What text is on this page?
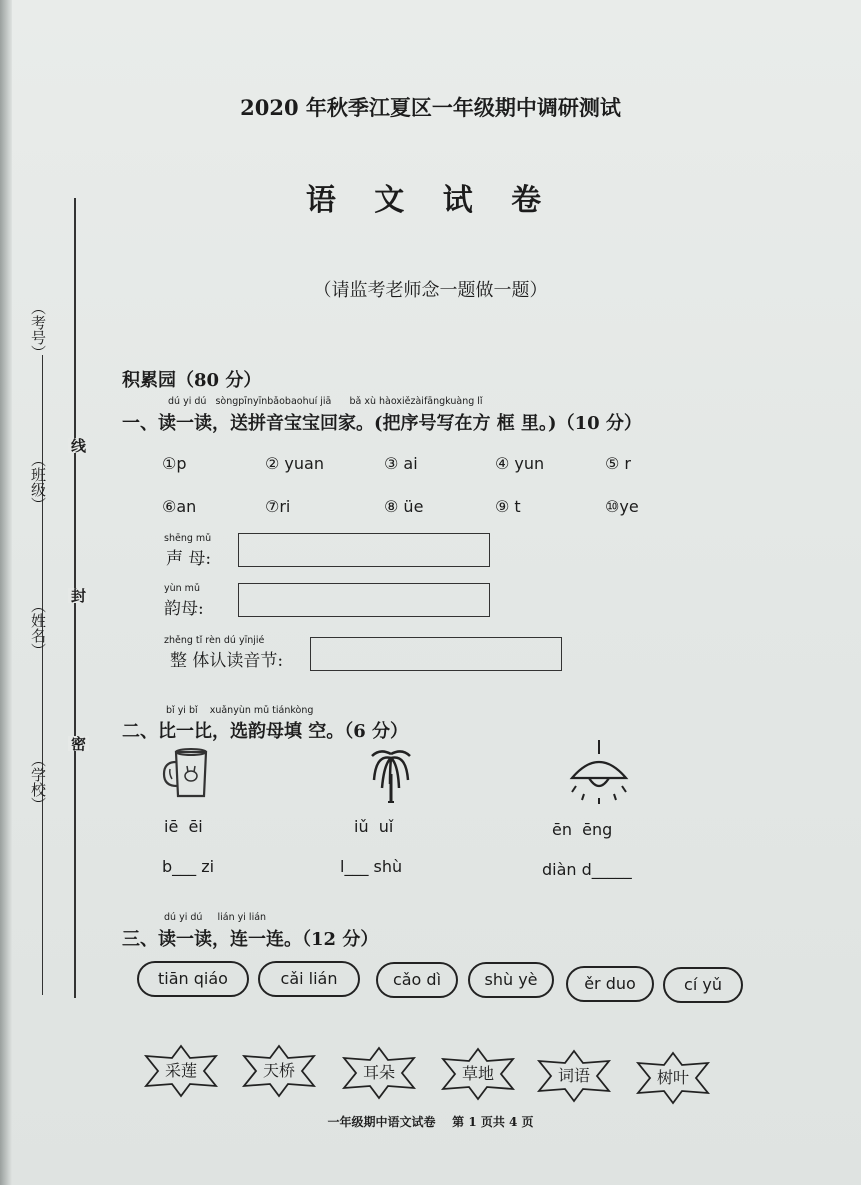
（考号）
（班级）
（姓名）
（学校）
线
封
密
2020 年秋季江夏区一年级期中调研测试
语 文 试 卷
（请监考老师念一题做一题）
积累园（80 分）
dú yi dú   sòngpīnyīnbǎobaohuí jiā      bǎ xù hàoxiězàifāngkuàng lǐ
一、读一读，送拼音宝宝回家。(把序号写在方 框 里。)（10 分）
①p	② yuan	③ ai	④ yun	⑤ r
⑥an	⑦ri	⑧ üe	⑨ t	⑩ye
shēng mǔ
声 母:
yùn mǔ
韵母:
zhěng tǐ rèn dú yīnjié
整 体认读音节:
bǐ yi bǐ    xuǎnyùn mǔ tiánkòng
二、比一比，选韵母填 空。（6 分）
iē  ēi	iǔ  uǐ	ēn  ēng
b___ zi	l___ shù	diàn d_____
dú yi dú     lián yi lián
三、读一读，连一连。（12 分）
tiān qiáo	cǎi lián	cǎo dì	shù yè	ěr duo	cí yǔ
采莲	天桥	耳朵	草地	词语	树叶
一年级期中语文试卷    第 1 页共 4 页
